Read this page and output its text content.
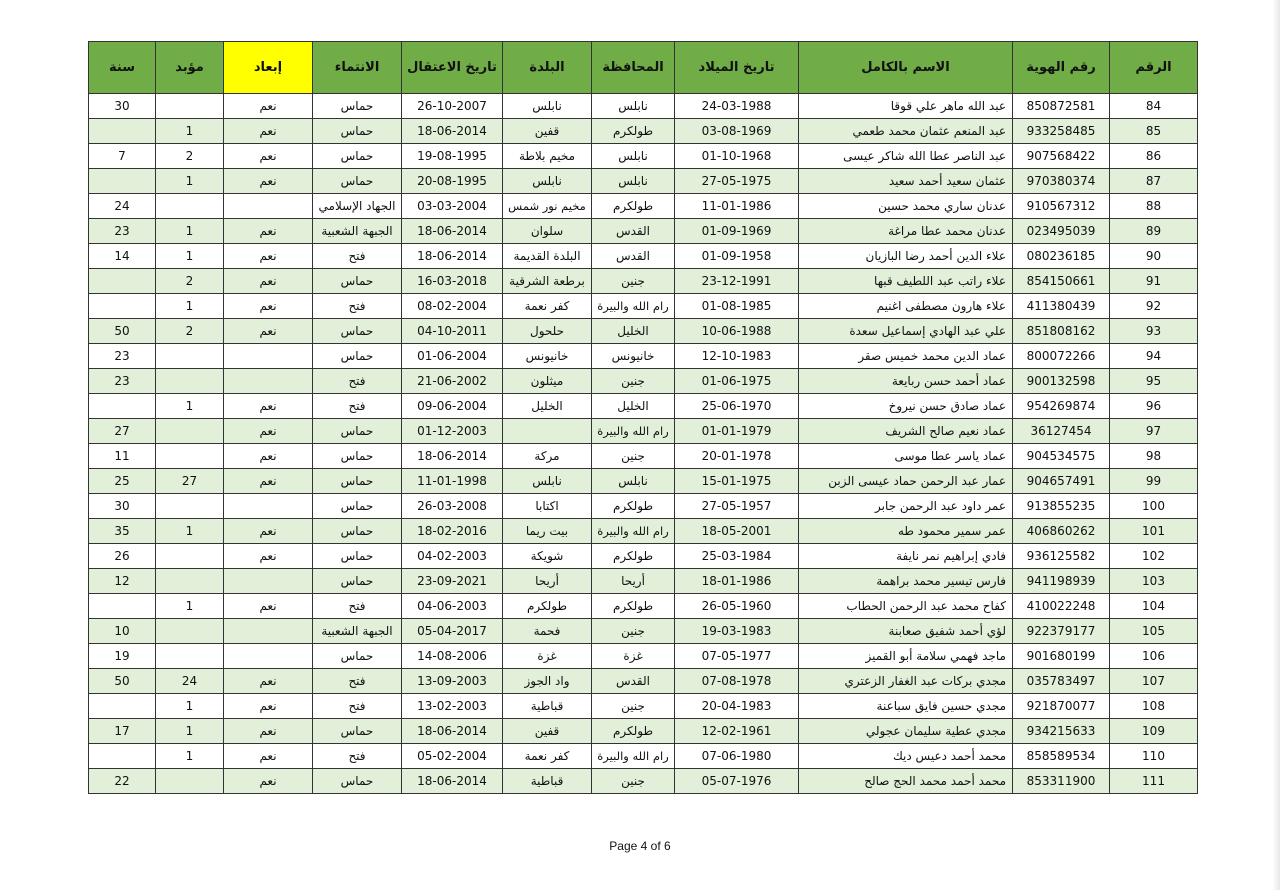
سنة	مؤبد	إبعاد	الانتماء	تاريخ الاعتقال	البلدة	المحافظة	تاريخ الميلاد	الاسم بالكامل	رقم الهوية	الرقم
30		نعم	حماس	26-10-2007	نابلس	نابلس	24-03-1988	عبد الله ماهر علي قوقا	850872581	84
	1	نعم	حماس	18-06-2014	قفين	طولكرم	03-08-1969	عبد المنعم عثمان محمد طعمي	933258485	85
7	2	نعم	حماس	19-08-1995	مخيم بلاطة	نابلس	01-10-1968	عبد الناصر عطا الله شاكر عيسى	907568422	86
	1	نعم	حماس	20-08-1995	نابلس	نابلس	27-05-1975	عثمان سعيد أحمد سعيد	970380374	87
24			الجهاد الإسلامي	03-03-2004	مخيم نور شمس	طولكرم	11-01-1986	عدنان ساري محمد حسين	910567312	88
23	1	نعم	الجبهة الشعبية	18-06-2014	سلوان	القدس	01-09-1969	عدنان محمد عطا مراغة	023495039	89
14	1	نعم	فتح	18-06-2014	البلدة القديمة	القدس	01-09-1958	علاء الدين أحمد رضا البازيان	080236185	90
	2	نعم	حماس	16-03-2018	برطعة الشرقية	جنين	23-12-1991	علاء راتب عبد اللطيف قبها	854150661	91
	1	نعم	فتح	08-02-2004	كفر نعمة	رام الله والبيرة	01-08-1985	علاء هارون مصطفى اغنيم	411380439	92
50	2	نعم	حماس	04-10-2011	حلحول	الخليل	10-06-1988	علي عبد الهادي إسماعيل سعدة	851808162	93
23			حماس	01-06-2004	خانيونس	خانيونس	12-10-1983	عماد الدين محمد خميس صقر	800072266	94
23			فتح	21-06-2002	ميثلون	جنين	01-06-1975	عماد أحمد حسن ربايعة	900132598	95
	1	نعم	فتح	09-06-2004	الخليل	الخليل	25-06-1970	عماد صادق حسن نيروخ	954269874	96
27		نعم	حماس	01-12-2003		رام الله والبيرة	01-01-1979	عماد نعيم صالح الشريف	36127454	97
11		نعم	حماس	18-06-2014	مركة	جنين	20-01-1978	عماد ياسر عطا موسى	904534575	98
25	27	نعم	حماس	11-01-1998	نابلس	نابلس	15-01-1975	عمار عبد الرحمن حماد عيسى الزبن	904657491	99
30			حماس	26-03-2008	اكتابا	طولكرم	27-05-1957	عمر داود عبد الرحمن جابر	913855235	100
35	1	نعم	حماس	18-02-2016	بيت ريما	رام الله والبيرة	18-05-2001	عمر سمير محمود طه	406860262	101
26		نعم	حماس	04-02-2003	شويكة	طولكرم	25-03-1984	فادي إبراهيم نمر نايفة	936125582	102
12			حماس	23-09-2021	أريحا	أريحا	18-01-1986	فارس تيسير محمد براهمة	941198939	103
	1	نعم	فتح	04-06-2003	طولكرم	طولكرم	26-05-1960	كفاح محمد عبد الرحمن الحطاب	410022248	104
10			الجبهة الشعبية	05-04-2017	فحمة	جنين	19-03-1983	لؤي أحمد شفيق صعابنة	922379177	105
19			حماس	14-08-2006	غزة	غزة	07-05-1977	ماجد فهمي سلامة أبو القميز	901680199	106
50	24	نعم	فتح	13-09-2003	واد الجوز	القدس	07-08-1978	مجدي بركات عبد الغفار الزعتري	035783497	107
	1	نعم	فتح	13-02-2003	قباطية	جنين	20-04-1983	مجدي حسين فايق سباعنة	921870077	108
17	1	نعم	حماس	18-06-2014	قفين	طولكرم	12-02-1961	مجدي عطية سليمان عجولي	934215633	109
	1	نعم	فتح	05-02-2004	كفر نعمة	رام الله والبيرة	07-06-1980	محمد أحمد دعيس ديك	858589534	110
22		نعم	حماس	18-06-2014	قباطية	جنين	05-07-1976	محمد أحمد محمد الحج صالح	853311900	111
Page 4 of 6
